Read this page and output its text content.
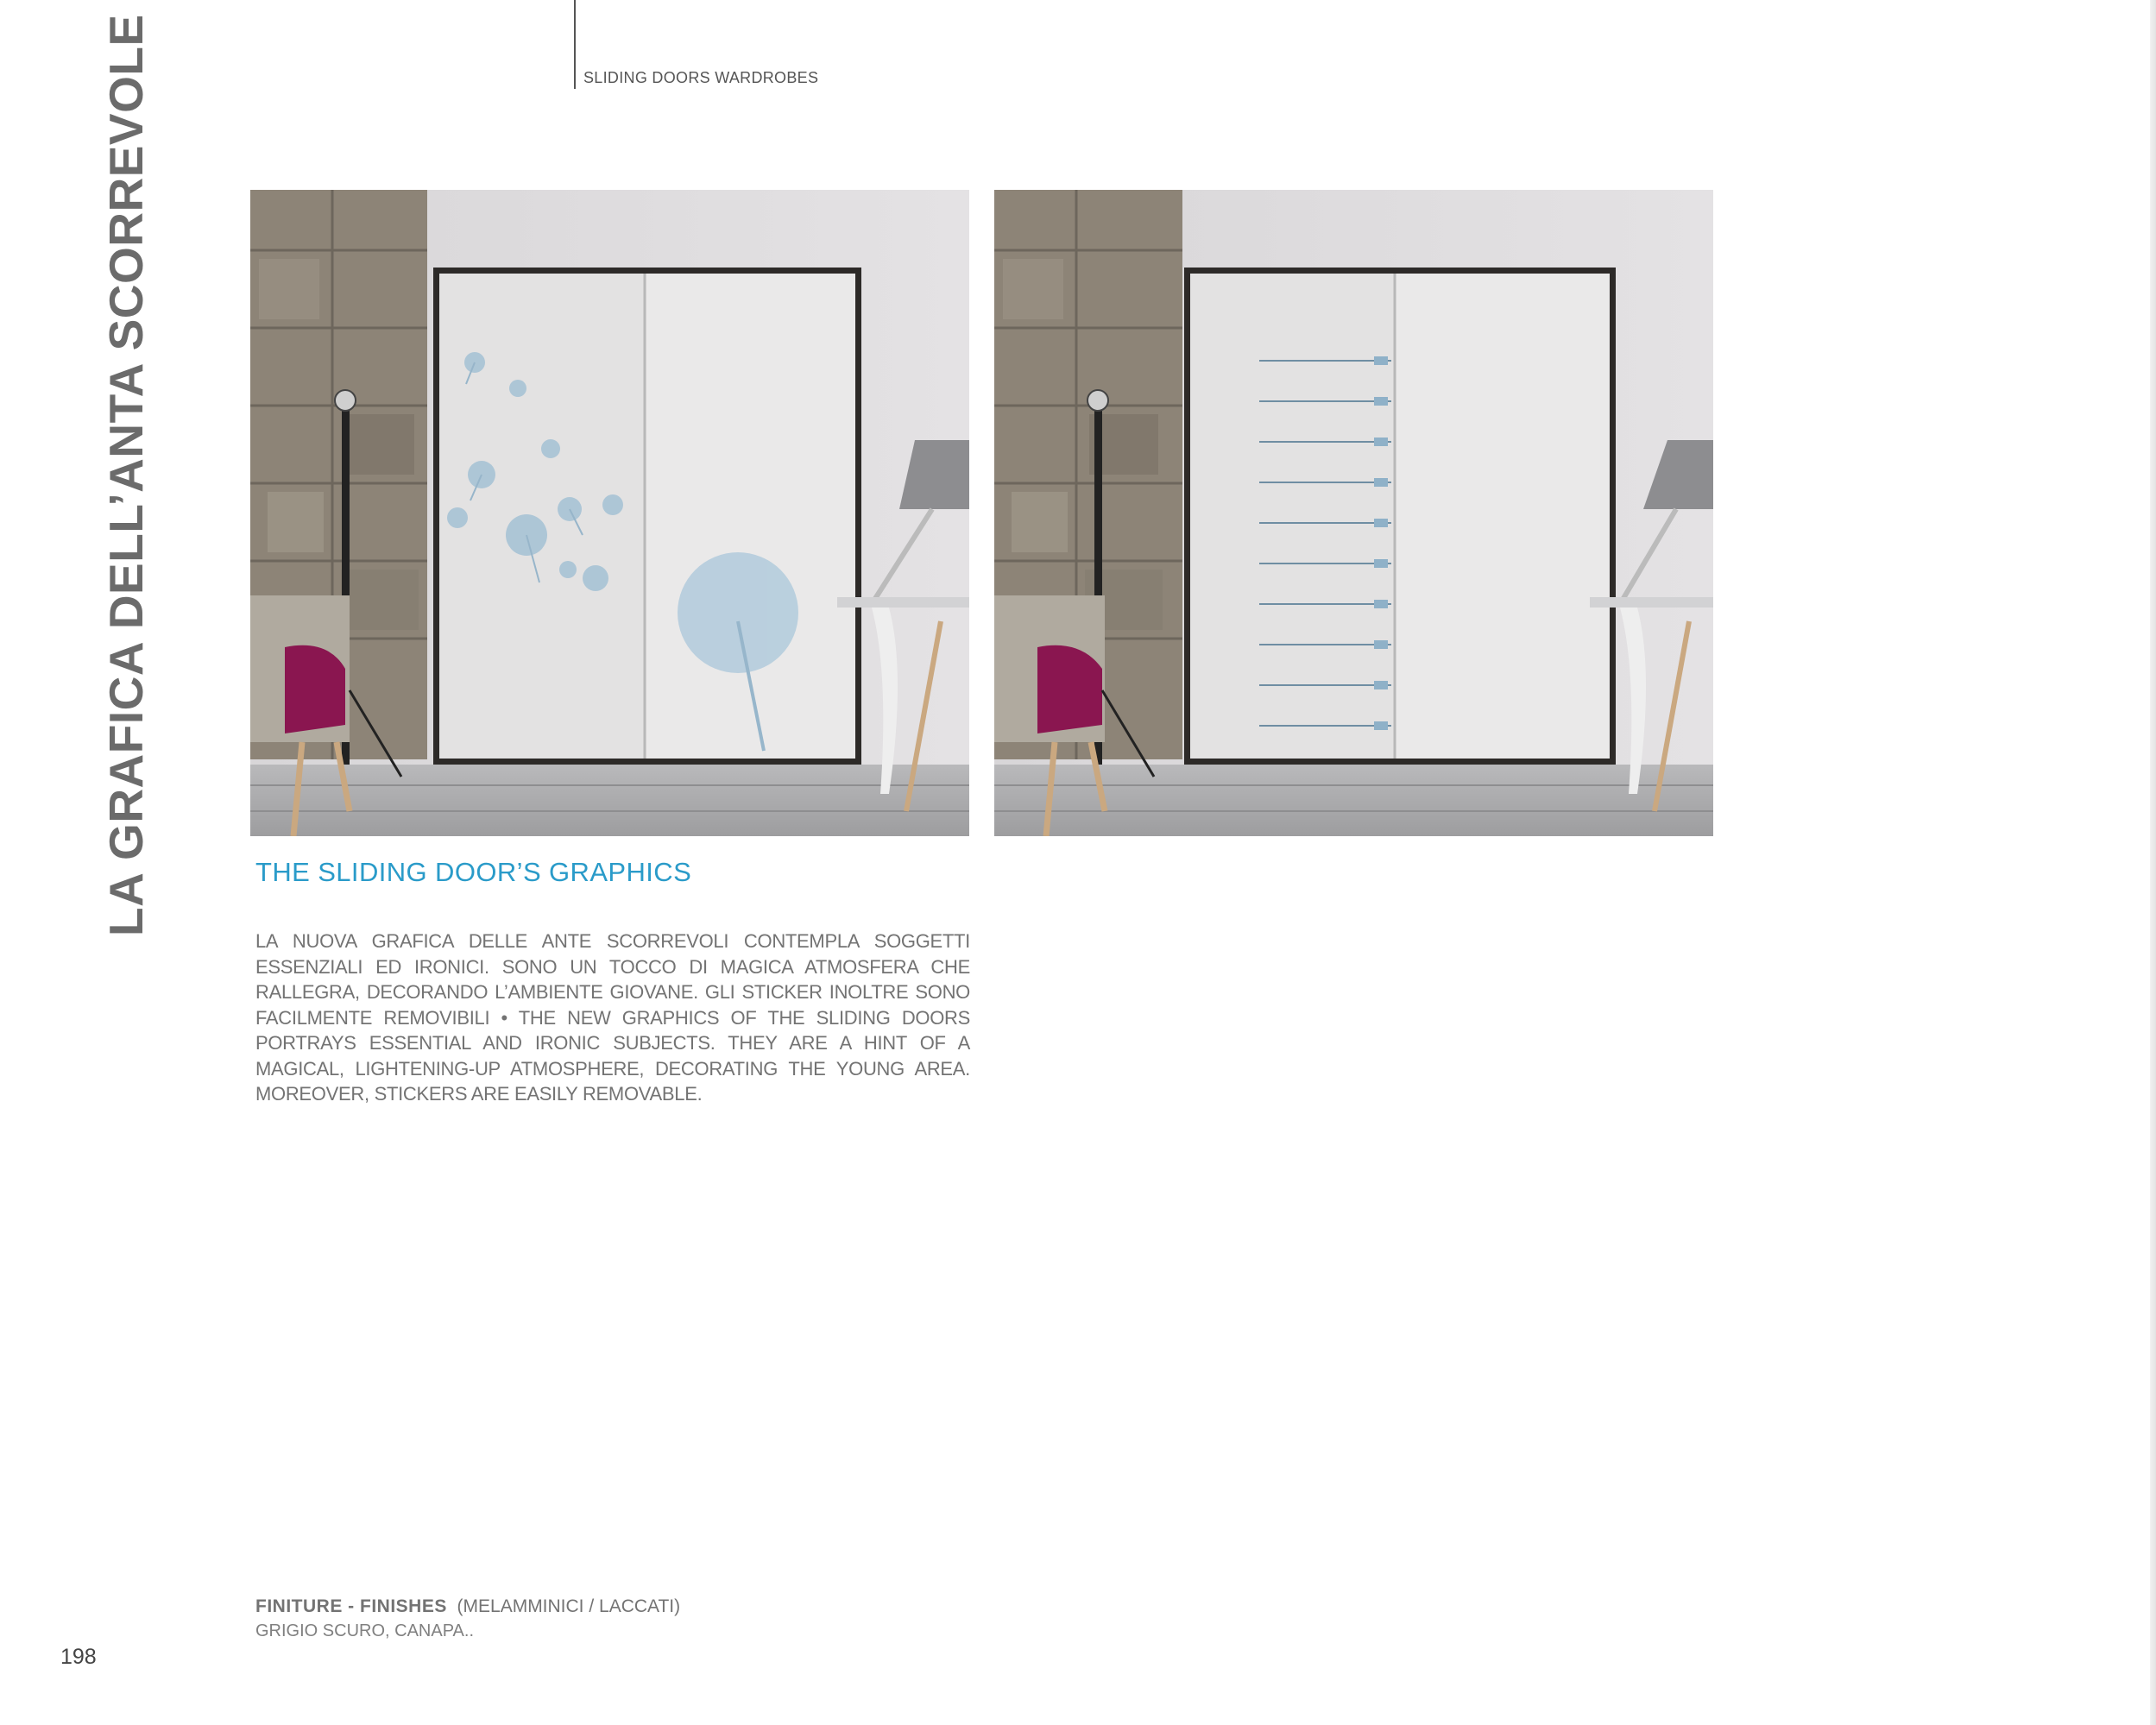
SLIDING DOORS WARDROBES
LA GRAFICA DELL’ANTA SCORREVOLE	THE SLIDING DOOR’S GRAPHICS
LA NUOVA GRAFICA DELLE ANTE SCORREVOLI CONTEMPLA SOGGETTI ESSENZIALI ED IRONICI. SONO UN TOCCO DI MAGICA ATMOSFERA CHE RALLEGRA, DECORANDO L’AMBIENTE GIOVANE. GLI STICKER INOLTRE SONO FACILMENTE REMOVIBILI • THE NEW GRAPHICS OF THE SLIDING DOORS PORTRAYS ESSENTIAL AND IRONIC SUBJECTS. THEY ARE A HINT OF A MAGICAL, LIGHTENING-UP ATMOSPHERE, DECORATING THE YOUNG AREA. MOREOVER, STICKERS ARE EASILY REMOVABLE.
FINITURE - FINISHES (MELAMMINICI / LACCATI)
GRIGIO SCURO, CANAPA..
198
